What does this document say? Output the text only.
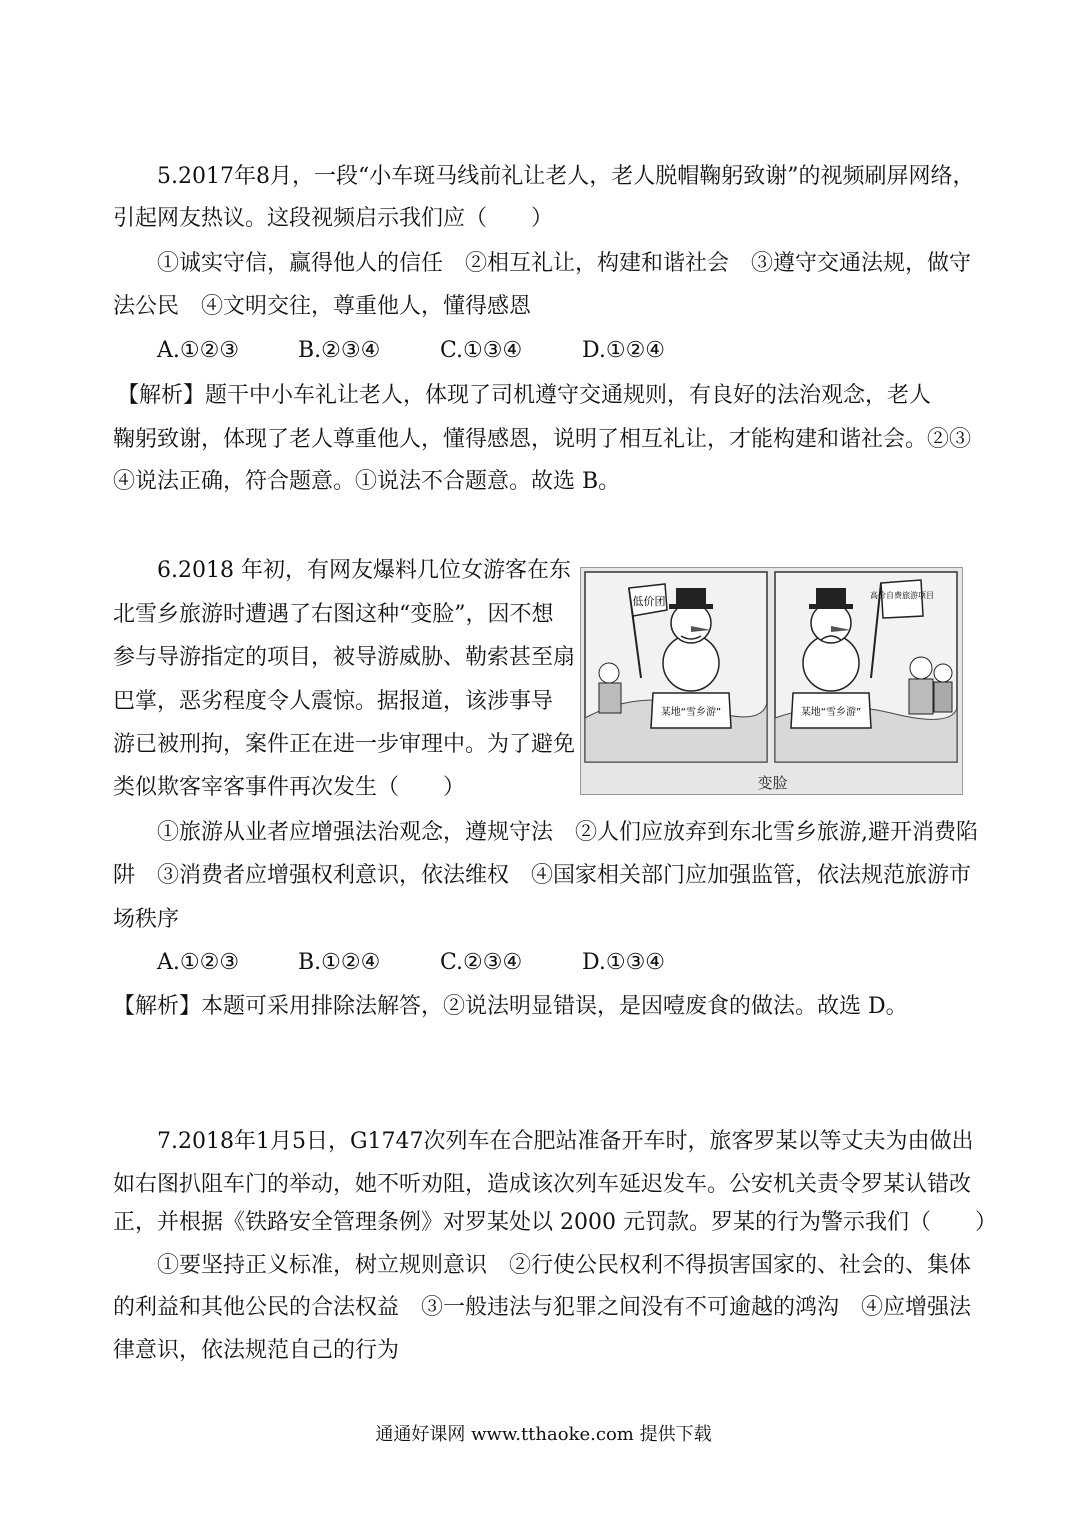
5.2017年8月，一段“小车斑马线前礼让老人，老人脱帽鞠躬致谢”的视频刷屏网络，
引起网友热议。这段视频启示我们应（　　）
①诚实守信，赢得他人的信任　②相互礼让，构建和谐社会　③遵守交通法规，做守
法公民　④文明交往，尊重他人，懂得感恩
A.①②③	B.②③④	C.①③④	D.①②④
【解析】题干中小车礼让老人，体现了司机遵守交通规则，有良好的法治观念，老人
鞠躬致谢，体现了老人尊重他人，懂得感恩，说明了相互礼让，才能构建和谐社会。②③
④说法正确，符合题意。①说法不合题意。故选 B。
6.2018 年初，有网友爆料几位女游客在东
北雪乡旅游时遭遇了右图这种“变脸”，因不想
参与导游指定的项目，被导游威胁、勒索甚至扇
巴掌，恶劣程度令人震惊。据报道，该涉事导
游已被刑拘，案件正在进一步审理中。为了避免
类似欺客宰客事件再次发生（　　）
某地“雪乡游”
低价团
某地“雪乡游”
高价自费旅游项目
变脸
①旅游从业者应增强法治观念，遵规守法　②人们应放弃到东北雪乡旅游,避开消费陷
阱　③消费者应增强权利意识，依法维权　④国家相关部门应加强监管，依法规范旅游市
场秩序
A.①②③	B.①②④	C.②③④	D.①③④
【解析】本题可采用排除法解答，②说法明显错误，是因噎废食的做法。故选 D。
7.2018年1月5日，G1747次列车在合肥站准备开车时，旅客罗某以等丈夫为由做出
如右图扒阻车门的举动，她不听劝阻，造成该次列车延迟发车。公安机关责令罗某认错改
正，并根据《铁路安全管理条例》对罗某处以 2000 元罚款。罗某的行为警示我们（　　）
①要坚持正义标准，树立规则意识　②行使公民权利不得损害国家的、社会的、集体
的利益和其他公民的合法权益　③一般违法与犯罪之间没有不可逾越的鸿沟　④应增强法
律意识，依法规范自己的行为
通通好课网 www.tthaoke.com 提供下载
